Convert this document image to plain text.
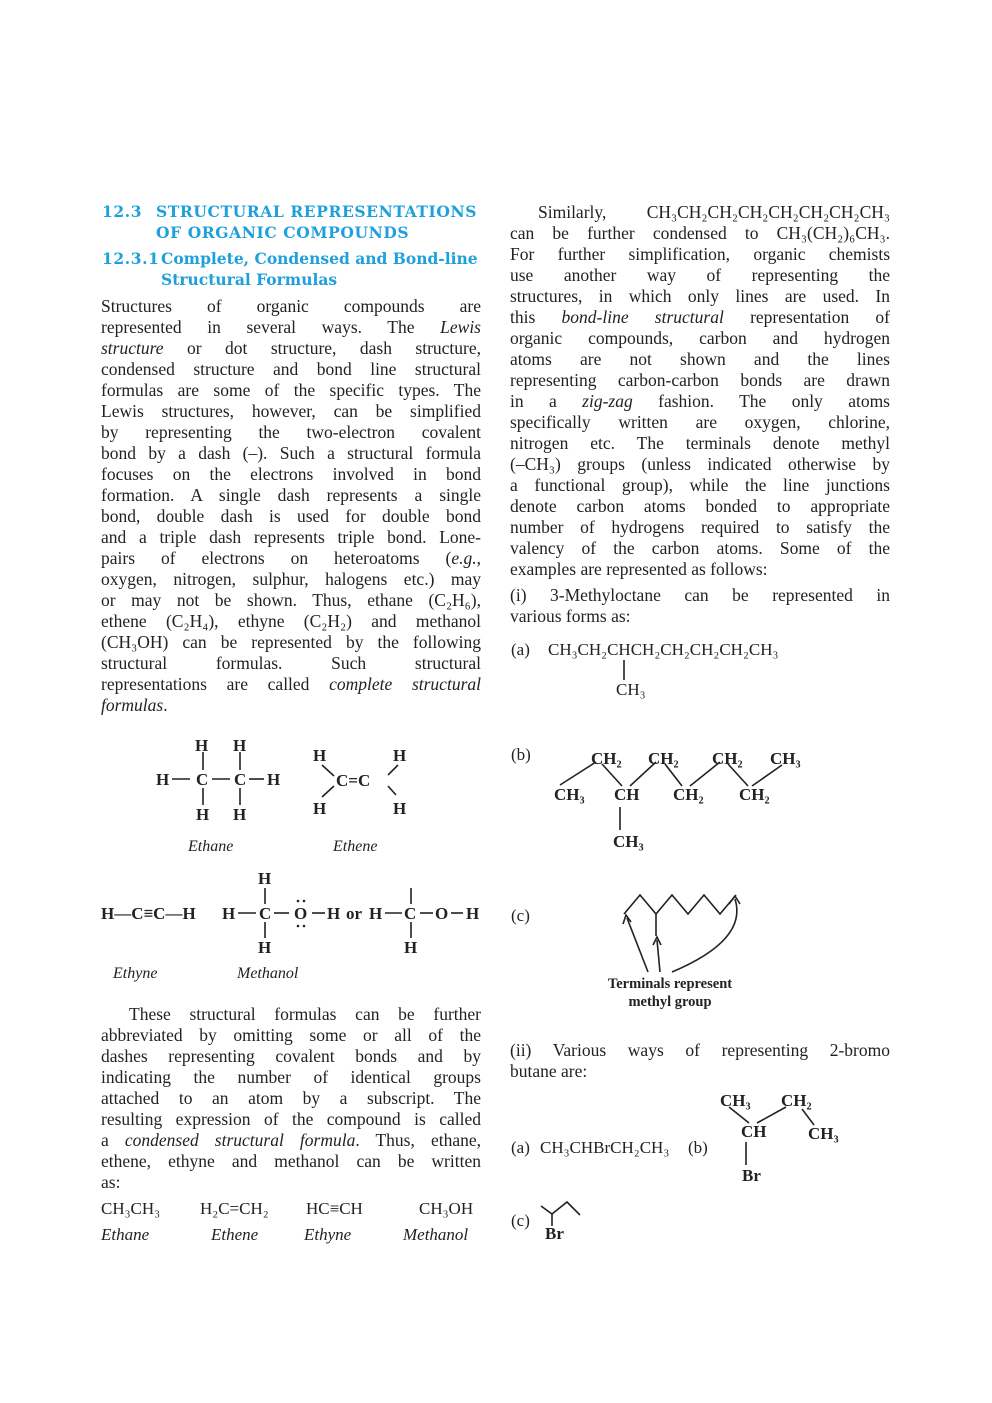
12.3 STRUCTURAL REPRESENTATIONS
OF ORGANIC COMPOUNDS
12.3.1 Complete, Condensed and Bond-line
Structural Formulas
Structures of organic compounds are
represented in several ways. The Lewis
structure or dot structure, dash structure,
condensed structure and bond line structural
formulas are some of the specific types. The
Lewis structures, however, can be simplified
by representing the two-electron covalent
bond by a dash (–). Such a structural formula
focuses on the electrons involved in bond
formation. A single dash represents a single
bond, double dash is used for double bond
and a triple dash represents triple bond. Lone-
pairs of electrons on heteroatoms (e.g.,
oxygen, nitrogen, sulphur, halogens etc.) may
or may not be shown. Thus, ethane (C₂H₆),
ethene (C₂H₄), ethyne (C₂H₂) and methanol
(CH₃OH) can be represented by the following
structural formulas. Such structural
representations are called complete structural
formulas.
These structural formulas can be further
abbreviated by omitting some or all of the
dashes representing covalent bonds and by
indicating the number of identical groups
attached to an atom by a subscript. The
resulting expression of the compound is called
a condensed structural formula. Thus, ethane,
ethene, ethyne and methanol can be written
as:
CH₃CH₃ H₂C=CH₂ HC≡CH	CH₃OH
Ethane	Ethene	Ethyne	Methanol
Similarly, CH₃CH₂CH₂CH₂CH₂CH₂CH₂CH₃
can be further condensed to CH₃(CH₂)₆CH₃.
For further simplification, organic chemists
use another way of representing the
structures, in which only lines are used. In
this bond-line structural representation of
organic compounds, carbon and hydrogen
atoms are not shown and the lines
representing carbon-carbon bonds are drawn
in a zig-zag fashion. The only atoms
specifically written are oxygen, chlorine,
nitrogen etc. The terminals denote methyl
(–CH₃) groups (unless indicated otherwise by
a functional group), while the line junctions
denote carbon atoms bonded to appropriate
number of hydrogens required to satisfy the
valency of the carbon atoms. Some of the
examples are represented as follows:
(i) 3-Methyloctane can be represented in
various forms as:
(ii) Various ways of representing 2-bromo
butane are:
H H
H C C H
H H
Ethane
H	H
C=C
H	H
Ethene
H—C≡C—H
Ethyne
H
H C O H or H C O H
H	H
Methanol
(a) CH₃CH₂CHCH₂CH₂CH₂CH₂CH₃
CH₃
(b)	CH₂ CH₂ CH₂ CH₃
CH₃ CH CH₂ CH₂
CH₃
(c)
Terminals represent
methyl group
(a) CH₃CHBrCH₂CH₃ (b)
CH₃ CH₂
CH CH₃
Br
(c)
Br
